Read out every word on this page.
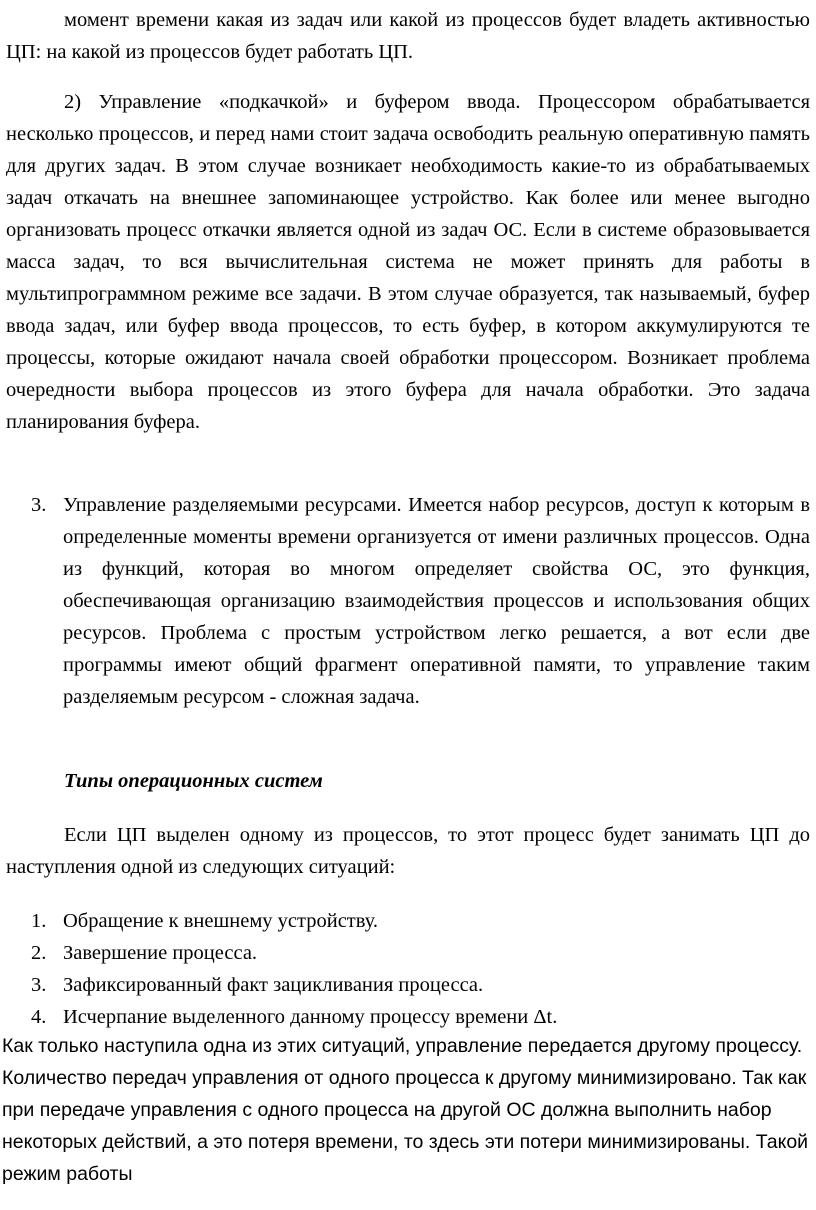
момент времени какая из задач или какой из процессов будет владеть активностью ЦП: на какой из процессов будет работать ЦП.

2) Управление «подкачкой» и буфером ввода. Процессором обрабатывается несколько процессов, и перед нами стоит задача освободить реальную оперативную память для других задач. В этом случае возникает необходимость какие-то из обрабатываемых задач откачать на внешнее запоминающее устройство. Как более или менее выгодно организовать процесс откачки является одной из задач ОС. Если в системе образовывается масса задач, то вся вычислительная система не может принять для работы в мультипрограммном режиме все задачи. В этом случае образуется, так называемый, буфер ввода задач, или буфер ввода процессов, то есть буфер, в котором аккумулируются те процессы, которые ожидают начала своей обработки процессором. Возникает проблема очередности выбора процессов из этого буфера для начала обработки. Это задача планирования буфера.

3. Управление разделяемыми ресурсами. Имеется набор ресурсов, доступ к которым в определенные моменты времени организуется от имени различных процессов. Одна из функций, которая во многом определяет свойства ОС, это функция, обеспечивающая организацию взаимодействия процессов и использования общих ресурсов. Проблема с простым устройством легко решается, а вот если две программы имеют общий фрагмент оперативной памяти, то управление таким разделяемым ресурсом - сложная задача.

Типы операционных систем

Если ЦП выделен одному из процессов, то этот процесс будет занимать ЦП до наступления одной из следующих ситуаций:

1. Обращение к внешнему устройству.
2. Завершение процесса.
3. Зафиксированный факт зацикливания процесса.
4. Исчерпание выделенного данному процессу времени Δt.

Как только наступила одна из этих ситуаций, управление передается другому процессу. Количество передач управления от одного процесса к другому минимизировано. Так как при передаче управления с одного процесса на другой ОС должна выполнить набор некоторых действий, а это потеря времени, то здесь эти потери минимизированы. Такой режим работы
